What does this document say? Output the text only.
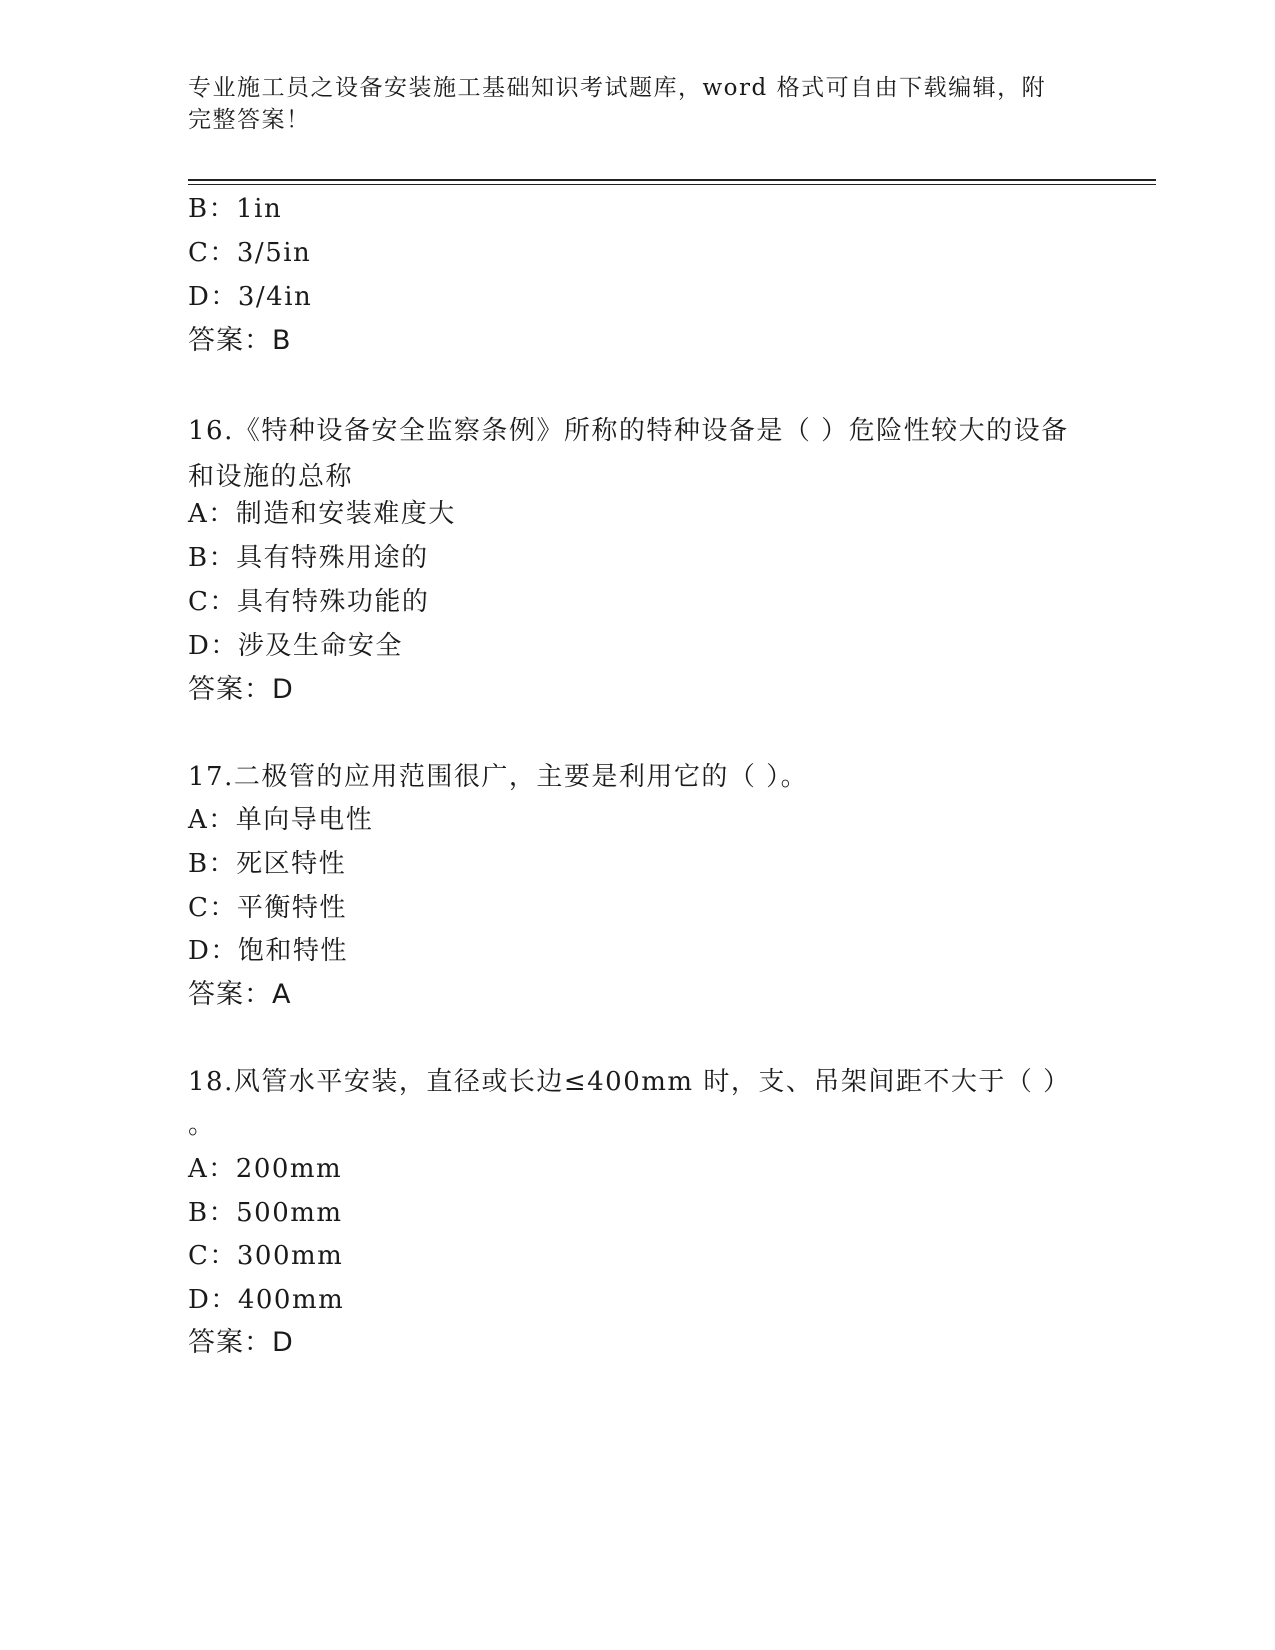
专业施工员之设备安装施工基础知识考试题库，word 格式可自由下载编辑，附完整答案！
B：1in
C：3/5in
D：3/4in
答案：B
16.《特种设备安全监察条例》所称的特种设备是（ ）危险性较大的设备和设施的总称
A：制造和安装难度大
B：具有特殊用途的
C：具有特殊功能的
D：涉及生命安全
答案：D
17.二极管的应用范围很广，主要是利用它的（ ）。
A：单向导电性
B：死区特性
C：平衡特性
D：饱和特性
答案：A
18.风管水平安装，直径或长边≤400mm 时，支、吊架间距不大于（ ）
。
A：200mm
B：500mm
C：300mm
D：400mm
答案：D
